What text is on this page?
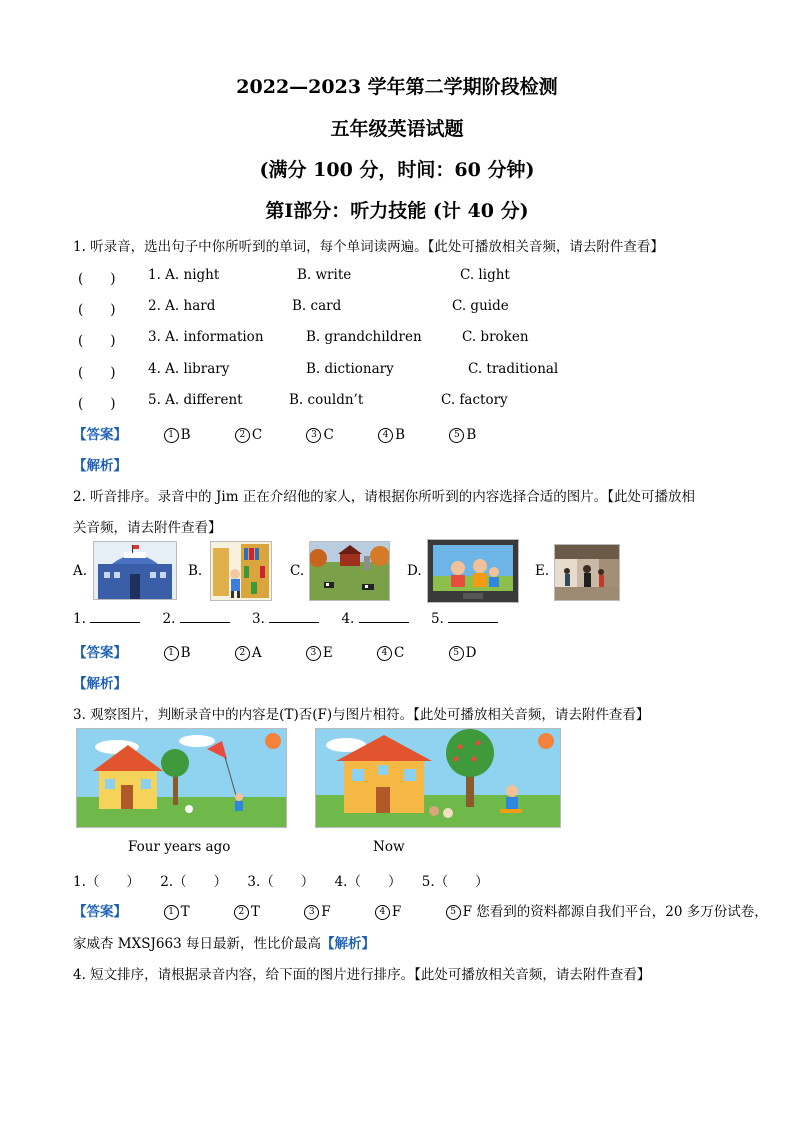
2022—2023 学年第二学期阶段检测
五年级英语试题
(满分 100 分，时间：60 分钟)
第Ⅰ部分：听力技能 (计 40 分)
1. 听录音，选出句子中你所听到的单词，每个单词读两遍。【此处可播放相关音频，请去附件查看】
(　　) 1. A. night	B. write	C. light
(　　) 2. A. hard	B. card	C. guide
(　　) 3. A. information	B. grandchildren	C. broken
(　　) 4. A. library	B. dictionary	C. traditional
(　　) 5. A. different	B. couldn’t	C. factory
【答案】	1 B	2 C	3 C	4 B	5 B
【解析】
2. 听音排序。录音中的 Jim 正在介绍他的家人，请根据你所听到的内容选择合适的图片。【此处可播放相
关音频，请去附件查看】
A.	B.	C.	D.	E.
1.	2.	3.	4.	5.
【答案】	1 B	2 A	3 E	4 C	5 D
【解析】
3. 观察图片，判断录音中的内容是(T)否(F)与图片相符。【此处可播放相关音频，请去附件查看】
Four years ago	Now
1.（　　） 2.（　　） 3.（　　） 4.（　　） 5.（　　）
【答案】	1 T	2 T	3 F	4 F	5 F 您看到的资料都源自我们平台，20 多万份试卷，
家威杏 MXSJ663 每日最新，性比价最高【解析】
4. 短文排序，请根据录音内容，给下面的图片进行排序。【此处可播放相关音频，请去附件查看】
